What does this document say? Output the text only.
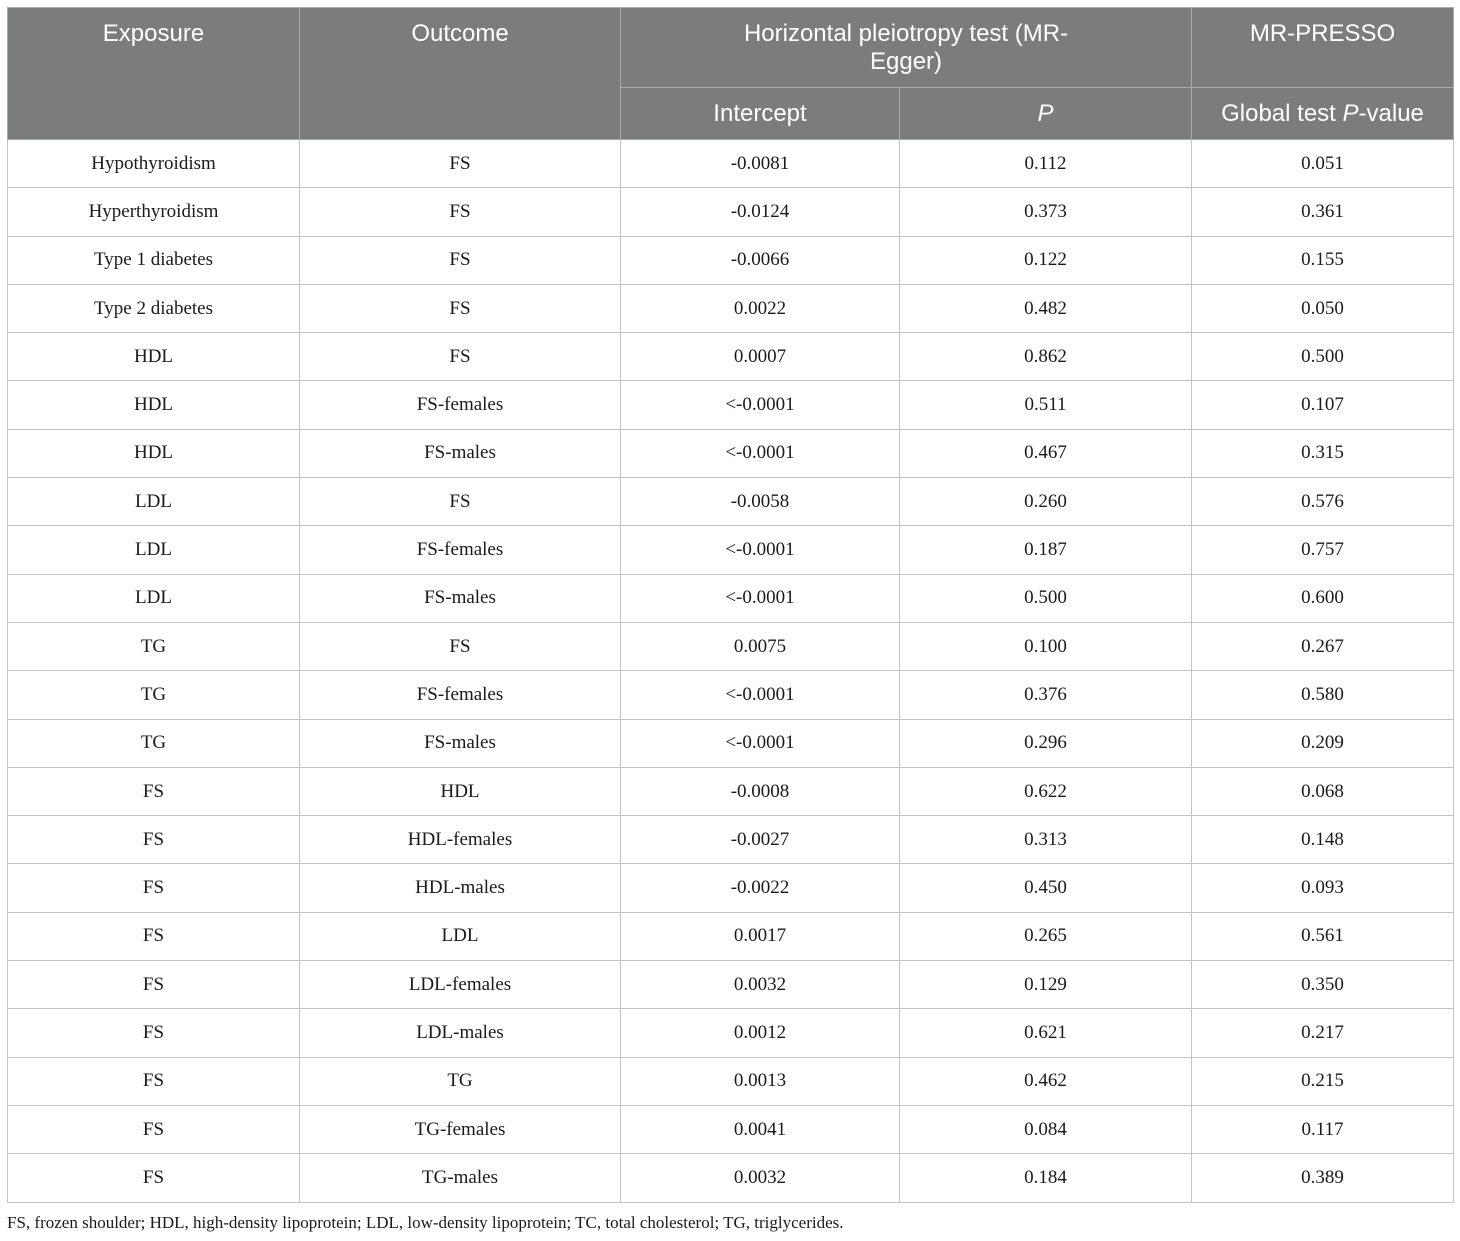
Exposure	Outcome	Horizontal pleiotropy test (MR-Egger)		MR-PRESSO
		Intercept	P	Global test P-value
Hypothyroidism	FS	-0.0081	0.112	0.051
Hyperthyroidism	FS	-0.0124	0.373	0.361
Type 1 diabetes	FS	-0.0066	0.122	0.155
Type 2 diabetes	FS	0.0022	0.482	0.050
HDL	FS	0.0007	0.862	0.500
HDL	FS-females	<-0.0001	0.511	0.107
HDL	FS-males	<-0.0001	0.467	0.315
LDL	FS	-0.0058	0.260	0.576
LDL	FS-females	<-0.0001	0.187	0.757
LDL	FS-males	<-0.0001	0.500	0.600
TG	FS	0.0075	0.100	0.267
TG	FS-females	<-0.0001	0.376	0.580
TG	FS-males	<-0.0001	0.296	0.209
FS	HDL	-0.0008	0.622	0.068
FS	HDL-females	-0.0027	0.313	0.148
FS	HDL-males	-0.0022	0.450	0.093
FS	LDL	0.0017	0.265	0.561
FS	LDL-females	0.0032	0.129	0.350
FS	LDL-males	0.0012	0.621	0.217
FS	TG	0.0013	0.462	0.215
FS	TG-females	0.0041	0.084	0.117
FS	TG-males	0.0032	0.184	0.389
FS, frozen shoulder; HDL, high-density lipoprotein; LDL, low-density lipoprotein; TC, total cholesterol; TG, triglycerides.
